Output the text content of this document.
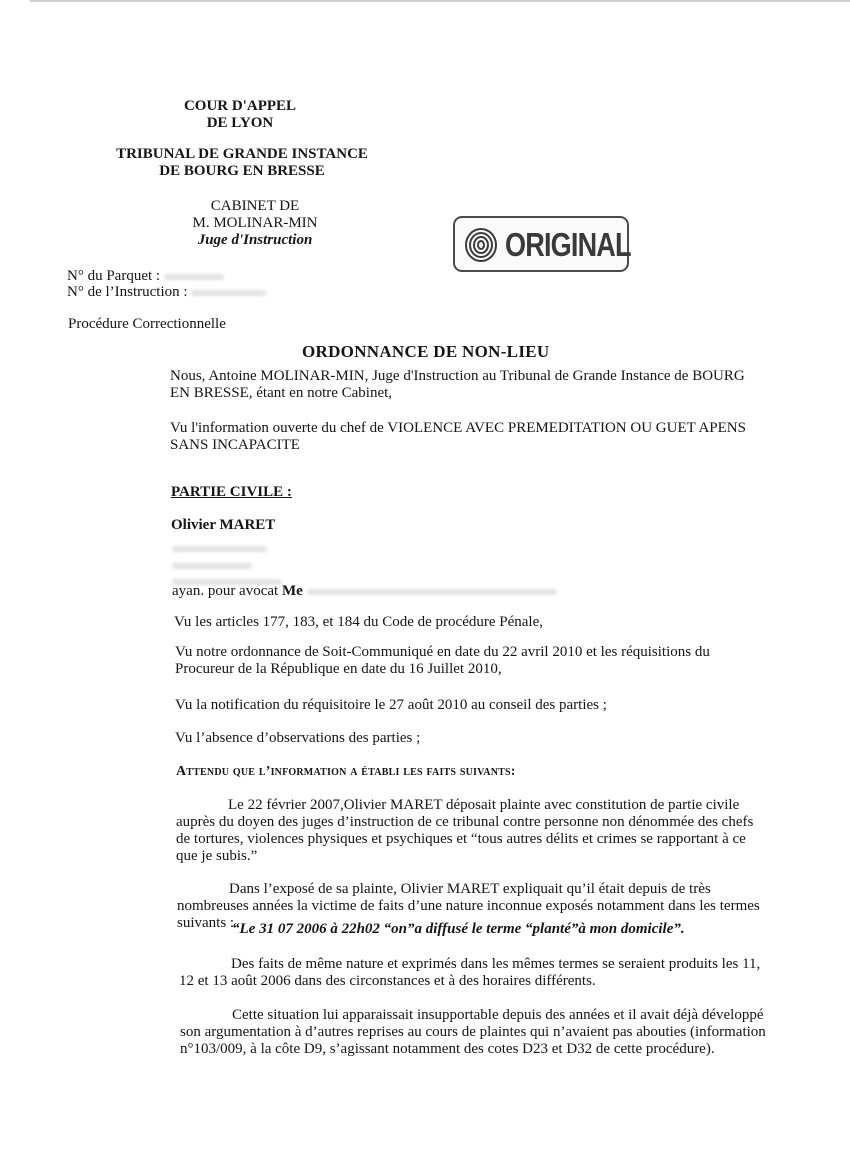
COUR D'APPEL
DE LYON
TRIBUNAL DE GRANDE INSTANCE
DE BOURG EN BRESSE
CABINET DE
M. MOLINAR-MIN
Juge d'Instruction
N° du Parquet :
N° de l’Instruction :
Procédure Correctionnelle
ORIGINAL
ORDONNANCE DE NON-LIEU
Nous, Antoine MOLINAR-MIN, Juge d'Instruction au Tribunal de Grande Instance de BOURG
EN BRESSE, étant en notre Cabinet,
Vu l'information ouverte du chef de VIOLENCE AVEC PREMEDITATION OU GUET APENS
SANS INCAPACITE
PARTIE CIVILE :
Olivier MARET
ayan. pour avocat Me
Vu les articles 177, 183, et 184 du Code de procédure Pénale,
Vu notre ordonnance de Soit-Communiqué en date du 22 avril 2010 et les réquisitions du
Procureur de la République en date du 16 Juillet 2010,
Vu la notification du réquisitoire le 27 août 2010 au conseil des parties ;
Vu l’absence d’observations des parties ;
Attendu que l’information a établi les faits suivants:
Le 22 février 2007,Olivier MARET déposait plainte avec constitution de partie civile
auprès du doyen des juges d’instruction de ce tribunal contre personne non dénommée des chefs
de tortures, violences physiques et psychiques et “tous autres délits et crimes se rapportant à ce
que je subis.”
Dans l’exposé de sa plainte, Olivier MARET expliquait qu’il était depuis de très
nombreuses années la victime de faits d’une nature inconnue exposés notamment dans les termes
suivants :
“Le 31 07 2006 à 22h02 “on”a diffusé le terme “planté”à mon domicile”.
Des faits de même nature et exprimés dans les mêmes termes se seraient produits les 11,
12 et 13 août 2006 dans des circonstances et à des horaires différents.
Cette situation lui apparaissait insupportable depuis des années et il avait déjà développé
son argumentation à d’autres reprises au cours de plaintes qui n’avaient pas abouties (information
n°103/009, à la côte D9, s’agissant notamment des cotes D23 et D32 de cette procédure).
